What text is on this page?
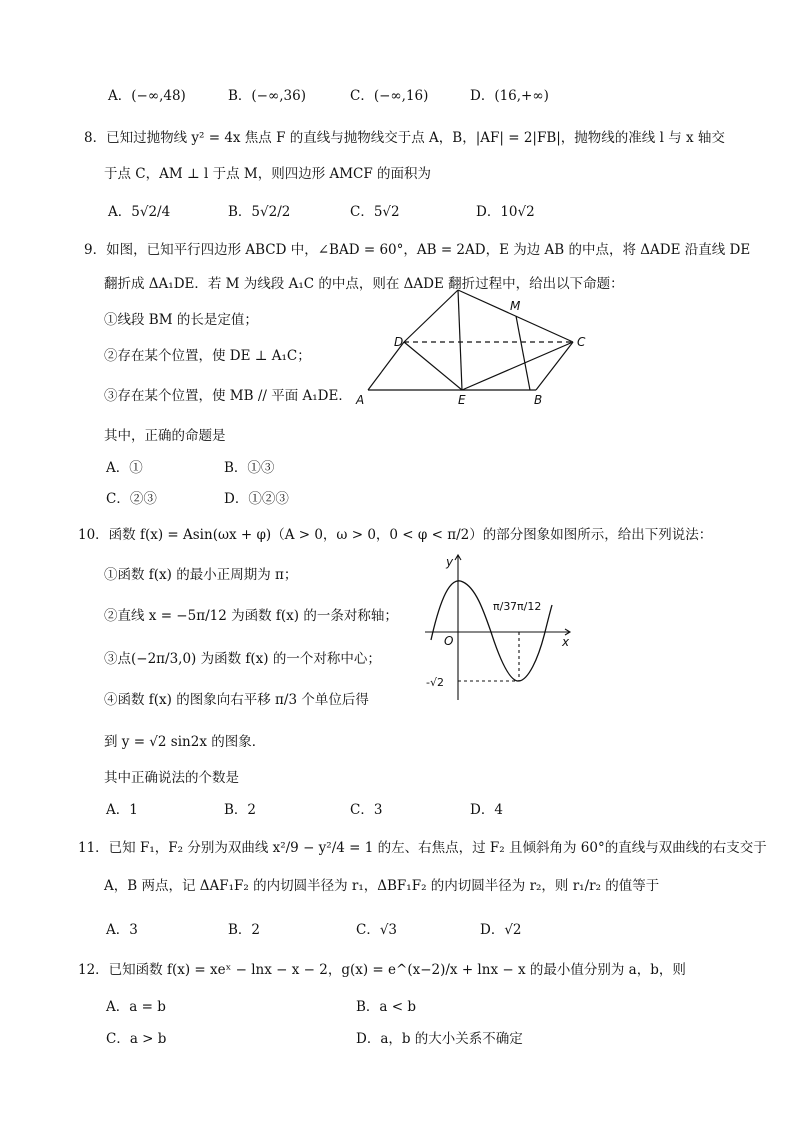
A．(−∞,48)	B．(−∞,36)	C．(−∞,16)	D．(16,+∞)
8．已知过抛物线 y² = 4x 焦点 F 的直线与抛物线交于点 A，B，|AF| = 2|FB|，抛物线的准线 l 与 x 轴交
于点 C，AM ⊥ l 于点 M，则四边形 AMCF 的面积为
A．5√2/4	B．5√2/2	C．5√2	D．10√2
9．如图，已知平行四边形 ABCD 中，∠BAD = 60°，AB = 2AD，E 为边 AB 的中点，将 ΔADE 沿直线 DE
翻折成 ΔA₁DE．若 M 为线段 A₁C 的中点，则在 ΔADE 翻折过程中，给出以下命题：
①线段 BM 的长是定值；
②存在某个位置，使 DE ⊥ A₁C；
③存在某个位置，使 MB // 平面 A₁DE．
其中，正确的命题是
A．①	B．①③
C．②③	D．①②③
A
D
E	B
C
M
10．函数 f(x) = Asin(ωx + φ)（A > 0，ω > 0，0 < φ < π/2）的部分图象如图所示，给出下列说法：
①函数 f(x) 的最小正周期为 π；
②直线 x = −5π/12 为函数 f(x) 的一条对称轴；
③点(−2π/3,0) 为函数 f(x) 的一个对称中心；
④函数 f(x) 的图象向右平移 π/3 个单位后得
到 y = √2 sin2x 的图象．
其中正确说法的个数是
A．1	B．2	C．3	D．4
y
x
O
π/3 7π/12
-√2
11．已知 F₁，F₂ 分别为双曲线 x²/9 − y²/4 = 1 的左、右焦点，过 F₂ 且倾斜角为 60°的直线与双曲线的右支交于
A，B 两点，记 ΔAF₁F₂ 的内切圆半径为 r₁，ΔBF₁F₂ 的内切圆半径为 r₂，则 r₁/r₂ 的值等于
A．3	B．2	C．√3	D．√2
12．已知函数 f(x) = xeˣ − lnx − x − 2，g(x) = e^(x−2)/x + lnx − x 的最小值分别为 a，b，则
A．a = b	B．a < b
C．a > b	D．a，b 的大小关系不确定
